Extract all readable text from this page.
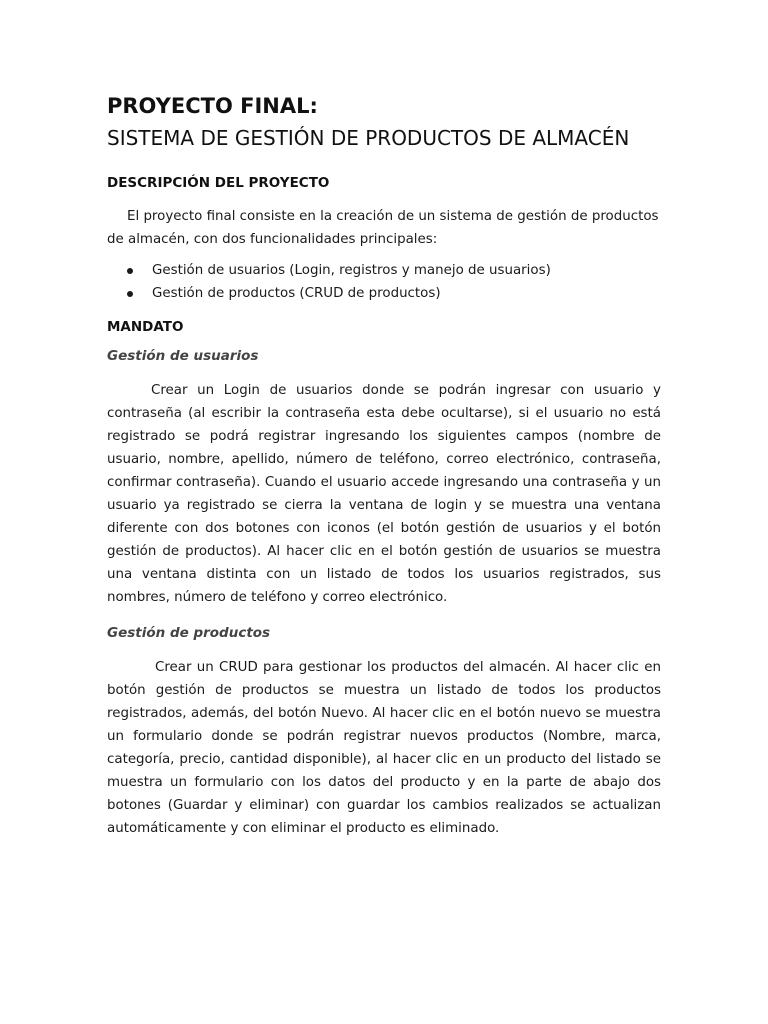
PROYECTO FINAL:
SISTEMA DE GESTIÓN DE PRODUCTOS DE ALMACÉN
DESCRIPCIÓN DEL PROYECTO

El proyecto final consiste en la creación de un sistema de gestión de productos de almacén, con dos funcionalidades principales:

Gestión de usuarios (Login, registros y manejo de usuarios)
Gestión de productos (CRUD de productos)
MANDATO
Gestión de usuarios

Crear un Login de usuarios donde se podrán ingresar con usuario y contraseña (al escribir la contraseña esta debe ocultarse), si el usuario no está registrado se podrá registrar ingresando los siguientes campos (nombre de usuario, nombre, apellido, número de teléfono, correo electrónico, contraseña, confirmar contraseña). Cuando el usuario accede ingresando una contraseña y un usuario ya registrado se cierra la ventana de login y se muestra una ventana diferente con dos botones con iconos (el botón gestión de usuarios y el botón gestión de productos). Al hacer clic en el botón gestión de usuarios se muestra una ventana distinta con un listado de todos los usuarios registrados, sus nombres, número de teléfono y correo electrónico.

Gestión de productos

Crear un CRUD para gestionar los productos del almacén. Al hacer clic en botón gestión de productos se muestra un listado de todos los productos registrados, además, del botón Nuevo. Al hacer clic en el botón nuevo se muestra un formulario donde se podrán registrar nuevos productos (Nombre, marca, categoría, precio, cantidad disponible), al hacer clic en un producto del listado se muestra un formulario con los datos del producto y en la parte de abajo dos botones (Guardar y eliminar) con guardar los cambios realizados se actualizan automáticamente y con eliminar el producto es eliminado.
